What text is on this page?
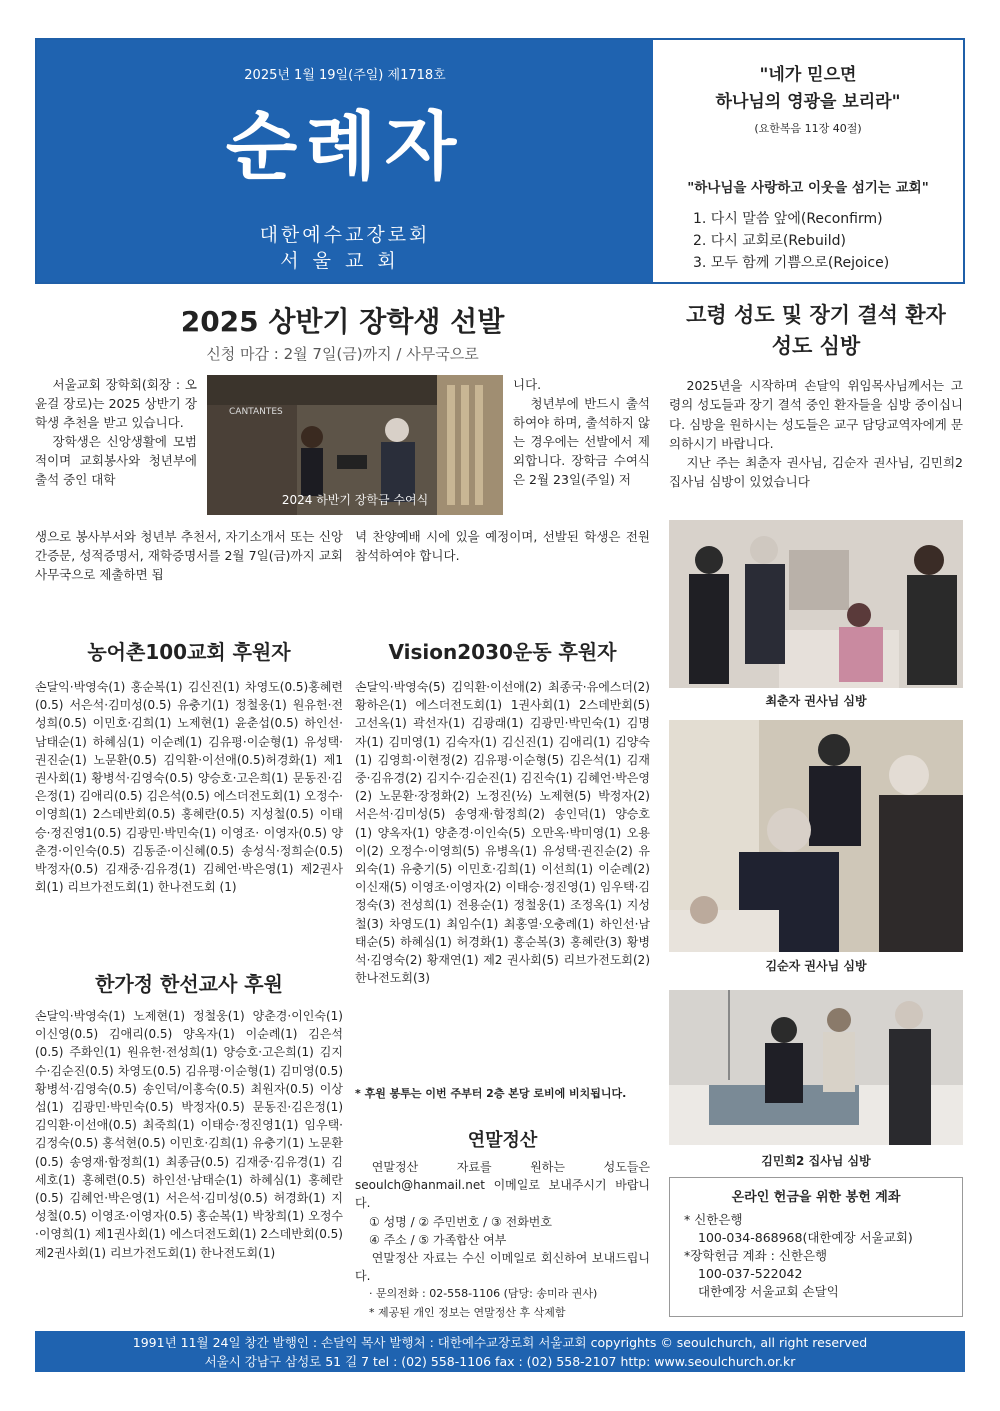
2025년 1월 19일(주일) 제1718호
순례자
대한예수교장로회
서울교회
"네가 믿으면
하나님의 영광을 보리라"
(요한복음 11장 40절)
"하나님을 사랑하고 이웃을 섬기는 교회"
1. 다시 말씀 앞에(Reconfirm)
2. 다시 교회로(Rebuild)
3. 모두 함께 기쁨으로(Rejoice)
2025 상반기 장학생 선발
신청 마감 : 2월 7일(금)까지 / 사무국으로

서울교회 장학회(회장 : 오윤걸 장로)는 2025 상반기 장학생 추천을 받고 있습니다.

장학생은 신앙생활에 모범적이며 교회봉사와 청년부에 출석 중인 대학

CANTANTES
2024 하반기 장학금 수여식
니다.

청년부에 반드시 출석하여야 하며, 출석하지 않는 경우에는 선발에서 제외합니다. 장학금 수여식은 2월 23일(주일) 저

생으로 봉사부서와 청년부 추천서, 자기소개서 또는 신앙 간증문, 성적증명서, 재학증명서를 2월 7일(금)까지 교회 사무국으로 제출하면 됩
녁 찬양예배 시에 있을 예정이며, 선발된 학생은 전원 참석하여야 합니다.
농어촌100교회 후원자
손달익·박영숙(1) 홍순복(1) 김신진(1) 차영도(0.5)홍혜련(0.5) 서은석·김미성(0.5) 유충기(1) 정철웅(1) 원유헌·전성희(0.5) 이민호·김희(1) 노제현(1) 윤춘섭(0.5) 하인선·남태순(1) 하혜심(1) 이순례(1) 김유평·이순형(1) 유성택· 권진순(1) 노문환(0.5) 김익환·이선애(0.5)허경화(1) 제1권사회(1) 황병석·김영숙(0.5) 양승호·고은희(1) 문동진·김은정(1) 김애리(0.5) 김은석(0.5) 에스더전도회(1) 오정수· 이영희(1) 2스데반회(0.5) 홍혜란(0.5) 지성철(0.5) 이태승·정진영1(0.5) 김광민·박민숙(1) 이영조· 이영자(0.5) 양춘경·이인숙(0.5) 김동준·이신혜(0.5) 송성식·정희순(0.5) 박정자(0.5) 김재중·김유경(1) 김혜언·박은영(1) 제2권사회(1) 리브가전도회(1) 한나전도회 (1)
한가정 한선교사 후원
손달익·박영숙(1) 노제현(1) 정철웅(1) 양춘경·이인숙(1) 이신영(0.5) 김애리(0.5) 양옥자(1) 이순례(1) 김은석(0.5) 주화인(1) 원유헌·전성희(1) 양승호·고은희(1) 김지수·김순진(0.5) 차영도(0.5) 김유평·이순형(1) 김미영(0.5) 황병석·김영숙(0.5) 송인덕/이홍숙(0.5) 최원자(0.5) 이상섭(1) 김광민·박민숙(0.5) 박정자(0.5) 문동진·김은정(1) 김익환·이선애(0.5) 최죽희(1) 이태승·정진영1(1) 임우택·김정숙(0.5) 홍석현(0.5) 이민호·김희(1) 유충기(1) 노문환(0.5) 송영재·함정희(1) 최종금(0.5) 김재중·김유경(1) 김세호(1) 홍혜련(0.5) 하인선·남태순(1) 하혜심(1) 홍혜란(0.5) 김혜언·박은영(1) 서은석·김미성(0.5) 허경화(1) 지성철(0.5) 이영조·이영자(0.5) 홍순복(1) 박창희(1) 오정수·이영희(1) 제1권사회(1) 에스더전도회(1) 2스데반회(0.5) 제2권사회(1) 리브가전도회(1) 한나전도회(1)
Vision2030운동 후원자
손달익·박영숙(5) 김익환·이선애(2) 최종국·유에스더(2) 황하은(1) 에스더전도회(1) 1권사회(1) 2스데반회(5) 고선옥(1) 곽선자(1) 김광래(1) 김광민·박민숙(1) 김명자(1) 김미영(1) 김숙자(1) 김신진(1) 김애리(1) 김양숙(1) 김영희·이현정(2) 김유평·이순형(5) 김은석(1) 김재중·김유경(2) 김지수·김순진(1) 김진숙(1) 김혜언·박은영(2) 노문환·장정화(2) 노정진(½) 노제현(5) 박정자(2) 서은석·김미성(5) 송영재·함정희(2) 송인덕(1) 양승호(1) 양옥자(1) 양춘경·이인숙(5) 오만옥·박미영(1) 오용이(2) 오정수·이영희(5) 유병옥(1) 유성택·권진순(2) 유외숙(1) 유충기(5) 이민호·김희(1) 이선희(1) 이순례(2) 이신재(5) 이영조·이영자(2) 이태승·정진영(1) 임우택·김정숙(3) 전성희(1) 전용순(1) 정철웅(1) 조정옥(1) 지성철(3) 차영도(1) 최임수(1) 최홍열·오충례(1) 하인선·남태순(5) 하혜심(1) 허경화(1) 홍순복(3) 홍혜란(3) 황병석·김영숙(2) 황재연(1) 제2 권사회(5) 리브가전도회(2) 한나전도회(3)
* 후원 봉투는 이번 주부터 2층 본당 로비에 비치됩니다.
연말정산

연말정산 자료를 원하는 성도들은 seoulch@hanmail.net 이메일로 보내주시기 바랍니다.

① 성명 / ② 주민번호 / ③ 전화번호
④ 주소 / ⑤ 가족합산 여부

연말정산 자료는 수신 이메일로 회신하여 보내드립니다.

· 문의전화 : 02-558-1106 (담당: 송미라 권사)
* 제공된 개인 정보는 연말정산 후 삭제함
고령 성도 및 장기 결석 환자
성도 심방

2025년을 시작하며 손달익 위임목사님께서는 고령의 성도들과 장기 결석 중인 환자들을 심방 중이십니다. 심방을 원하시는 성도들은 교구 담당교역자에게 문의하시기 바랍니다.

지난 주는 최춘자 권사님, 김순자 권사님, 김민희2 집사님 심방이 있었습니다

최춘자 권사님 심방
김순자 권사님 심방
김민희2 집사님 심방
온라인 헌금을 위한 봉헌 계좌
* 신한은행
100-034-868968(대한예장 서울교회)
*장학헌금 계좌 : 신한은행
100-037-522042
대한예장 서울교회 손달익
1991년 11월 24일 창간 발행인 : 손달익 목사 발행처 : 대한예수교장로회 서울교회 copyrights © seoulchurch, all right reserved
서울시 강남구 삼성로 51 길 7 tel : (02) 558-1106 fax : (02) 558-2107 http: www.seoulchurch.or.kr
